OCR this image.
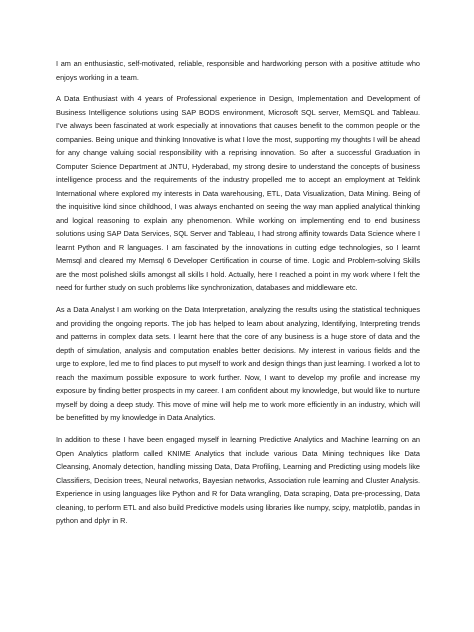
I am an enthusiastic, self-motivated, reliable, responsible and hardworking person with a positive attitude who enjoys working in a team.

A Data Enthusiast with 4 years of Professional experience in Design, Implementation and Development of Business Intelligence solutions using SAP BODS environment, Microsoft SQL server, MemSQL and Tableau. I’ve always been fascinated at work especially at innovations that causes benefit to the common people or the companies. Being unique and thinking Innovative is what I love the most, supporting my thoughts I will be ahead for any change valuing social responsibility with a reprising innovation. So after a successful Graduation in Computer Science Department at JNTU, Hyderabad, my strong desire to understand the concepts of business intelligence process and the requirements of the industry propelled me to accept an employment at Teklink International where explored my interests in Data warehousing, ETL, Data Visualization, Data Mining. Being of the inquisitive kind since childhood, I was always enchanted on seeing the way man applied analytical thinking and logical reasoning to explain any phenomenon. While working on implementing end to end business solutions using SAP Data Services, SQL Server and Tableau, I had strong affinity towards Data Science where I learnt Python and R languages. I am fascinated by the innovations in cutting edge technologies, so I learnt Memsql and cleared my Memsql 6 Developer Certification in course of time. Logic and Problem-solving Skills are the most polished skills amongst all skills I hold. Actually, here I reached a point in my work where I felt the need for further study on such problems like synchronization, databases and middleware etc.

As a Data Analyst I am working on the Data Interpretation, analyzing the results using the statistical techniques and providing the ongoing reports. The job has helped to learn about analyzing, Identifying, Interpreting trends and patterns in complex data sets. I learnt here that the core of any business is a huge store of data and the depth of simulation, analysis and computation enables better decisions. My interest in various fields and the urge to explore, led me to find places to put myself to work and design things than just learning. I worked a lot to reach the maximum possible exposure to work further. Now, I want to develop my profile and increase my exposure by finding better prospects in my career. I am confident about my knowledge, but would like to nurture myself by doing a deep study. This move of mine will help me to work more efficiently in an industry, which will be benefitted by my knowledge in Data Analytics.

In addition to these I have been engaged myself in learning Predictive Analytics and Machine learning on an Open Analytics platform called KNIME Analytics that include various Data Mining techniques like Data Cleansing, Anomaly detection, handling missing Data, Data Profiling, Learning and Predicting using models like Classifiers, Decision trees, Neural networks, Bayesian networks, Association rule learning and Cluster Analysis. Experience in using languages like Python and R for Data wrangling, Data scraping, Data pre-processing, Data cleaning, to perform ETL and also build Predictive models using libraries like numpy, scipy, matplotlib, pandas in python and dplyr in R.
